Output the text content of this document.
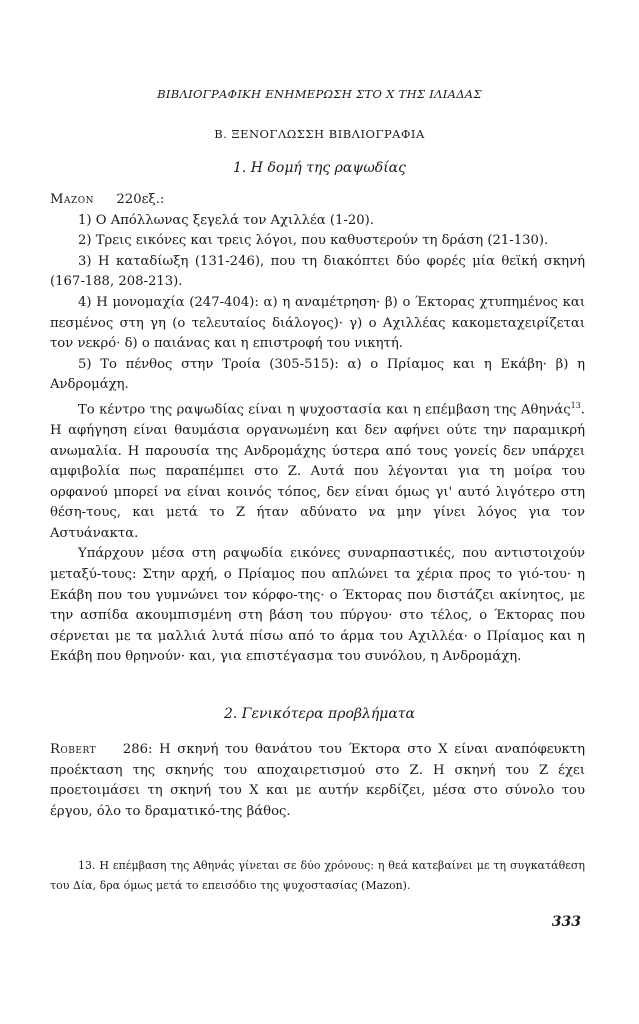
ΒΙΒΛΙΟΓΡΑΦΙΚΗ ΕΝΗΜΕΡΩΣΗ ΣΤΟ Χ ΤΗΣ ΙΛΙΑΔΑΣ
Β. ΞΕΝΟΓΛΩΣΣΗ ΒΙΒΛΙΟΓΡΑΦΙΑ
1. Η δομή της ραψωδίας

Mazon 220εξ.:

1) Ο Απόλλωνας ξεγελά τον Αχιλλέα (1-20).

2) Τρεις εικόνες και τρεις λόγοι, που καθυστερούν τη δράση (21-130).

3) Η καταδίωξη (131-246), που τη διακόπτει δύο φορές μία θεϊκή σκηνή (167-188, 208-213).

4) Η μονομαχία (247-404): α) η αναμέτρηση· β) ο Έκτορας χτυπημένος και πεσμένος στη γη (ο τελευταίος διάλογος)· γ) ο Αχιλλέας κακομεταχειρίζεται τον νεκρό· δ) ο παιάνας και η επιστροφή του νικητή.

5) Το πένθος στην Τροία (305-515): α) ο Πρίαμος και η Εκάβη· β) η Ανδρομάχη.

Το κέντρο της ραψωδίας είναι η ψυχοστασία και η επέμβαση της Αθηνάς$^{13}$. Η αφήγηση είναι θαυμάσια οργανωμένη και δεν αφήνει ούτε την παραμικρή ανωμαλία. Η παρουσία της Ανδρομάχης ύστερα από τους γονείς δεν υπάρχει αμφιβολία πως παραπέμπει στο Ζ. Αυτά που λέγονται για τη μοίρα του ορφανού μπορεί να είναι κοινός τόπος, δεν είναι όμως γι' αυτό λιγότερο στη θέση-τους, και μετά το Ζ ήταν αδύνατο να μην γίνει λόγος για τον Αστυάνακτα.

Υπάρχουν μέσα στη ραψωδία εικόνες συναρπαστικές, που αντιστοιχούν μεταξύ-τους: Στην αρχή, ο Πρίαμος που απλώνει τα χέρια προς το γιό-του· η Εκάβη που του γυμνώνει τον κόρφο-της· ο Έκτορας που διστάζει ακίνητος, με την ασπίδα ακουμπισμένη στη βάση του πύργου· στο τέλος, ο Έκτορας που σέρνεται με τα μαλλιά λυτά πίσω από το άρμα του Αχιλλέα· ο Πρίαμος και η Εκάβη που θρηνούν· και, για επιστέγασμα του συνόλου, η Ανδρομάχη.

2. Γενικότερα προβλήματα

Robert 286: Η σκηνή του θανάτου του Έκτορα στο Χ είναι αναπόφευκτη προέκταση της σκηνής του αποχαιρετισμού στο Ζ. Η σκηνή του Ζ έχει προετοιμάσει τη σκηνή του Χ και με αυτήν κερδίζει, μέσα στο σύνολο του έργου, όλο το δραματικό-της βάθος.

13. Η επέμβαση της Αθηνάς γίνεται σε δύο χρόνους: η θεά κατεβαίνει με τη συγκατάθεση του Δία, δρα όμως μετά το επεισόδιο της ψυχοστασίας (Mazon).
333
